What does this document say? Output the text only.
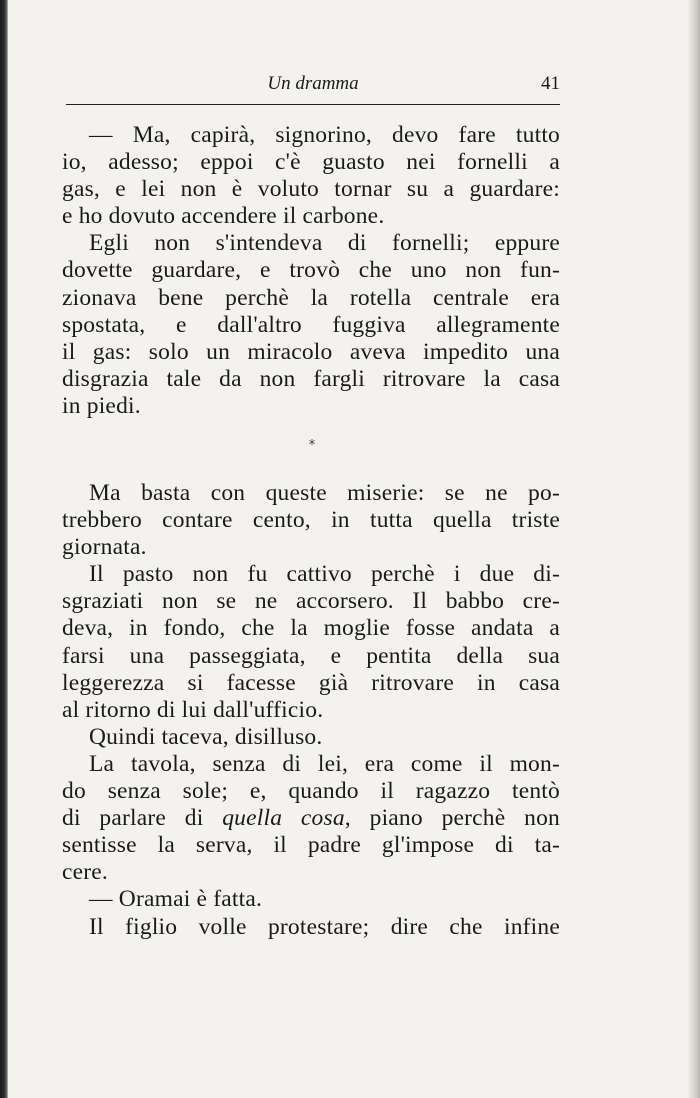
Un dramma	41
— Ma, capirà, signorino, devo fare tutto
io, adesso; eppoi c'è guasto nei fornelli a
gas, e lei non è voluto tornar su a guardare:
e ho dovuto accendere il carbone.
Egli non s'intendeva di fornelli; eppure
dovette guardare, e trovò che uno non fun-
zionava bene perchè la rotella centrale era
spostata, e dall'altro fuggiva allegramente
il gas: solo un miracolo aveva impedito una
disgrazia tale da non fargli ritrovare la casa
in piedi.
*
Ma basta con queste miserie: se ne po-
trebbero contare cento, in tutta quella triste
giornata.
Il pasto non fu cattivo perchè i due di-
sgraziati non se ne accorsero. Il babbo cre-
deva, in fondo, che la moglie fosse andata a
farsi una passeggiata, e pentita della sua
leggerezza si facesse già ritrovare in casa
al ritorno di lui dall'ufficio.
Quindi taceva, disilluso.
La tavola, senza di lei, era come il mon-
do senza sole; e, quando il ragazzo tentò
di parlare di quella cosa, piano perchè non
sentisse la serva, il padre gl'impose di ta-
cere.
— Oramai è fatta.
Il figlio volle protestare; dire che infine
